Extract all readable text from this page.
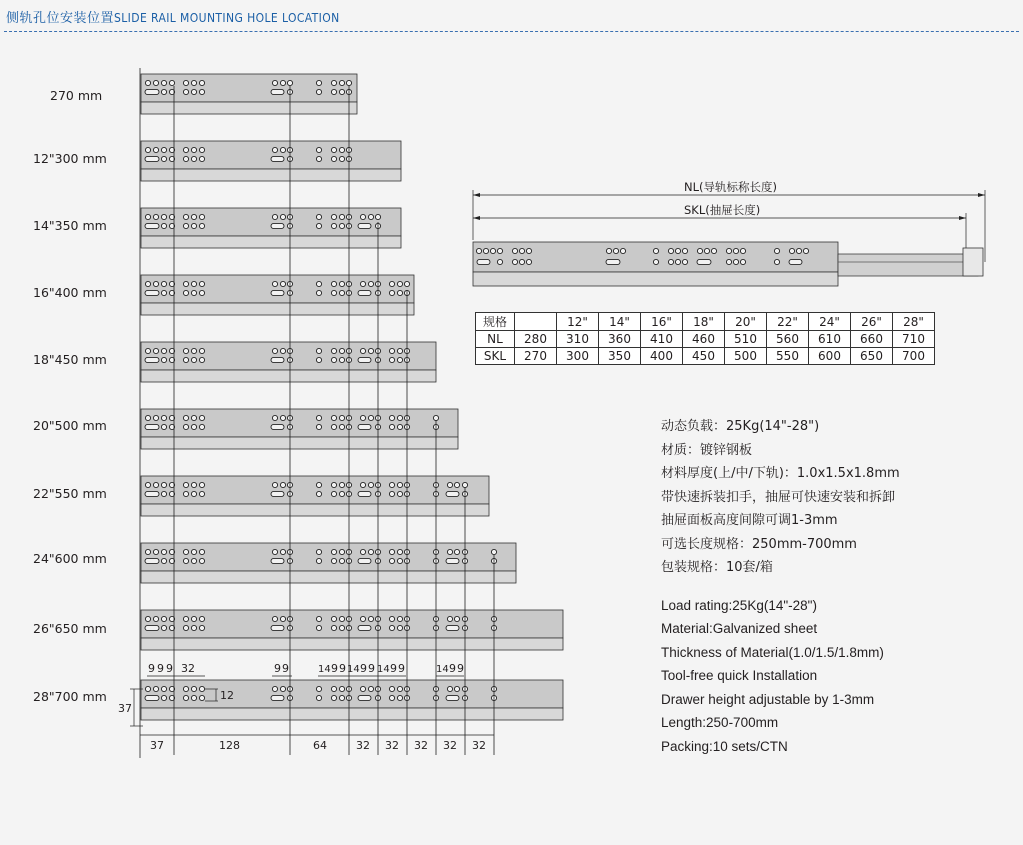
侧轨孔位安装位置SLIDE RAIL MOUNTING HOLE LOCATION
270 mm
12"300 mm
14"350 mm
16"400 mm
18"450 mm
20"500 mm
22"550 mm
24"600 mm
26"650 mm
28"700 mm
9 9 9 32	9 9	14 9 9 14 9 9 14 9 9	14 9 9
12
37
37	128	64	32 32 32 32 32
NL(导轨标称长度)
SKL(抽屉长度)
规格		12"	14"	16"	18"	20"	22"	24"	26"	28"
NL	280	310	360	410	460	510	560	610	660	710
SKL	270	300	350	400	450	500	550	600	650	700

动态负载：25Kg(14"-28")

材质：镀锌钢板

材料厚度(上/中/下轨)：1.0x1.5x1.8mm

带快速拆装扣手，抽屉可快速安装和拆卸

抽屉面板高度间隙可调1-3mm

可选长度规格：250mm-700mm

包装规格：10套/箱

Load rating:25Kg(14"-28")

Material:Galvanized sheet

Thickness of Material(1.0/1.5/1.8mm)

Tool-free quick Installation

Drawer height adjustable by 1-3mm

Length:250-700mm

Packing:10 sets/CTN
